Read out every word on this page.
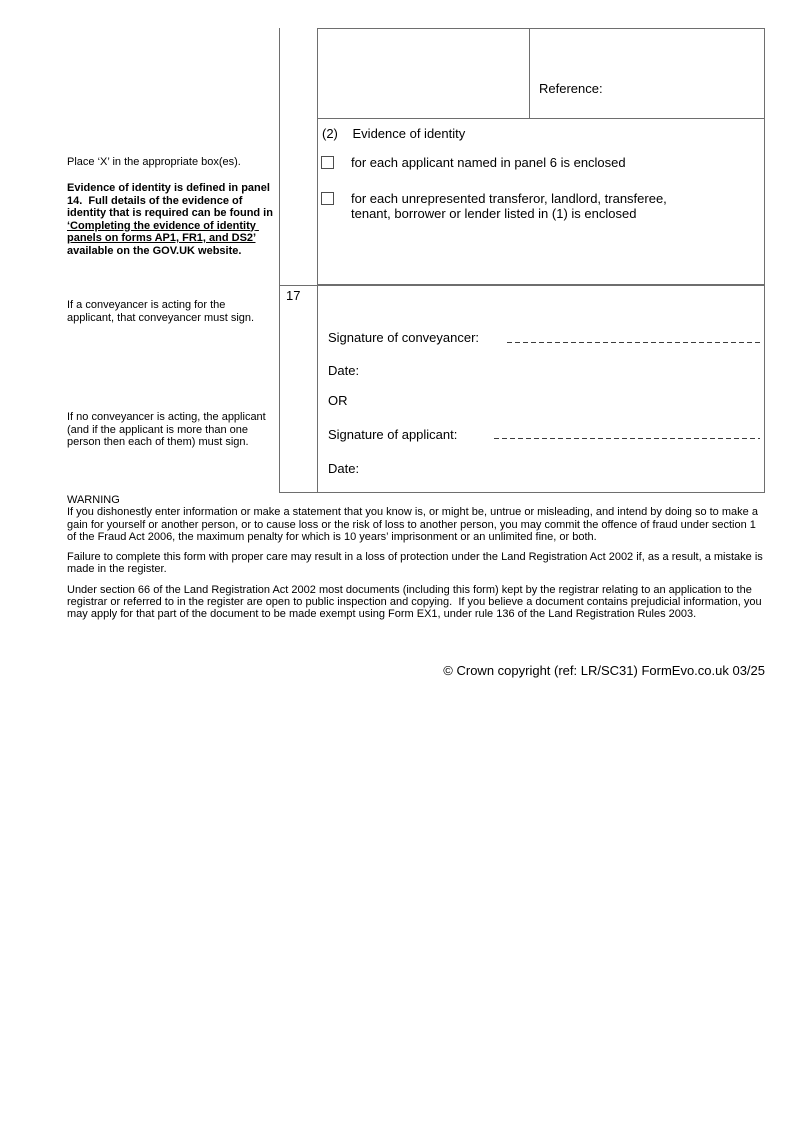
Place ‘X’ in the appropriate box(es).
Evidence of identity is defined in panel 14.  Full details of the evidence of identity that is required can be found in ‘Completing the evidence of identity panels on forms AP1, FR1, and DS2’ available on the GOV.UK website.
If a conveyancer is acting for the applicant, that conveyancer must sign.
If no conveyancer is acting, the applicant (and if the applicant is more than one person then each of them) must sign.
Reference:
(2) Evidence of identity
for each applicant named in panel 6 is enclosed
for each unrepresented transferor, landlord, transferee, tenant, borrower or lender listed in (1) is enclosed
17
Signature of conveyancer:
Date:
OR
Signature of applicant:
Date:
WARNING

If you dishonestly enter information or make a statement that you know is, or might be, untrue or misleading, and intend by doing so to make a gain for yourself or another person, or to cause loss or the risk of loss to another person, you may commit the offence of fraud under section 1 of the Fraud Act 2006, the maximum penalty for which is 10 years’ imprisonment or an unlimited fine, or both.

Failure to complete this form with proper care may result in a loss of protection under the Land Registration Act 2002 if, as a result, a mistake is made in the register.

Under section 66 of the Land Registration Act 2002 most documents (including this form) kept by the registrar relating to an application to the registrar or referred to in the register are open to public inspection and copying.  If you believe a document contains prejudicial information, you may apply for that part of the document to be made exempt using Form EX1, under rule 136 of the Land Registration Rules 2003.

© Crown copyright (ref: LR/SC31) FormEvo.co.uk 03/25
